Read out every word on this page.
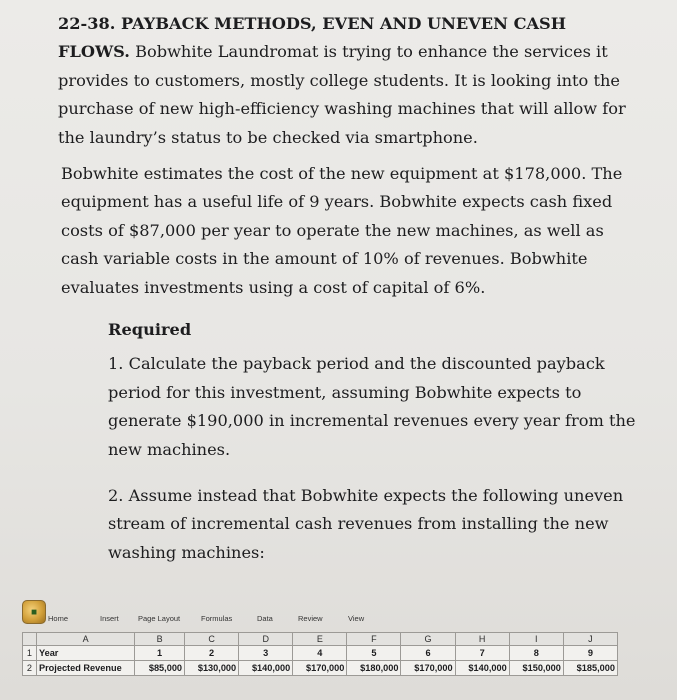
22-38. PAYBACK METHODS, EVEN AND UNEVEN CASH FLOWS. Bobwhite Laundromat is trying to enhance the services it provides to customers, mostly college students. It is looking into the purchase of new high-efficiency washing machines that will allow for the laundry’s status to be checked via smartphone.
Bobwhite estimates the cost of the new equipment at $178,000. The equipment has a useful life of 9 years. Bobwhite expects cash fixed costs of $87,000 per year to operate the new machines, as well as cash variable costs in the amount of 10% of revenues. Bobwhite evaluates investments using a cost of capital of 6%.
Required
1. Calculate the payback period and the discounted payback period for this investment, assuming Bobwhite expects to generate $190,000 in incremental revenues every year from the new machines.
2. Assume instead that Bobwhite expects the following uneven stream of incremental cash revenues from installing the new washing machines:
■
Home	Insert	Page Layout	Formulas	Data	Review	View
	A	B	C	D	E	F	G	H	I	J
1	Year	1	2	3	4	5	6	7	8	9
2	Projected Revenue	$85,000	$130,000	$140,000	$170,000	$180,000	$170,000	$140,000	$150,000	$185,000
